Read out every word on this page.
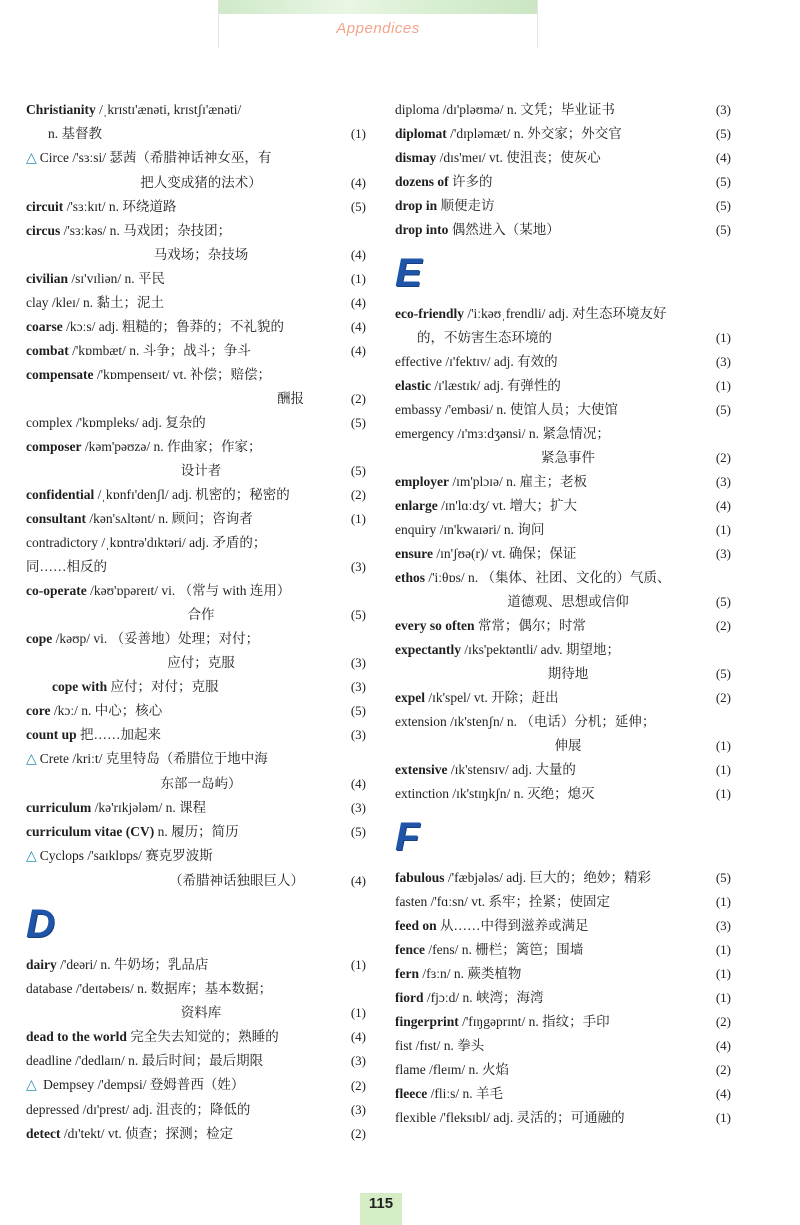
Appendices
Christianity /ˌkrɪstɪ'ænəti, krɪstʃɪ'ænəti/
n. 基督教	(1)
△ Circe /'sɜːsi/ 瑟茜（希腊神话神女巫，有
把人变成猪的法术）	(4)
circuit /'sɜːkɪt/ n. 环绕道路	(5)
circus /'sɜːkəs/ n. 马戏团；杂技团；
马戏场；杂技场	(4)
civilian /sɪ'vɪliən/ n. 平民	(1)
clay /kleɪ/ n. 黏土；泥土	(4)
coarse /kɔːs/ adj. 粗糙的；鲁莽的；不礼貌的	(4)
combat /'kɒmbæt/ n. 斗争；战斗；争斗	(4)
compensate /'kɒmpenseɪt/ vt. 补偿；赔偿；
酬报	(2)
complex /'kɒmpleks/ adj. 复杂的	(5)
composer /kəm'pəʊzə/ n. 作曲家；作家；
设计者	(5)
confidential /ˌkɒnfɪ'denʃl/ adj. 机密的；秘密的	(2)
consultant /kən'sʌltənt/ n. 顾问；咨询者	(1)
contradictory /ˌkɒntrə'dɪktəri/ adj. 矛盾的；
同……相反的	(3)
co-operate /kəʊ'ɒpəreɪt/ vi. （常与 with 连用）
合作	(5)
cope /kəʊp/ vi. （妥善地）处理；对付；
应付；克服	(3)
cope with 应付；对付；克服	(3)
core /kɔː/ n. 中心；核心	(5)
count up 把……加起来	(3)
△ Crete /kriːt/ 克里特岛（希腊位于地中海
东部一岛屿）	(4)
curriculum /kə'rɪkjələm/ n. 课程	(3)
curriculum vitae (CV) n. 履历；简历	(5)
△ Cyclops /'saɪklɒps/ 赛克罗波斯
（希腊神话独眼巨人）	(4)
D
dairy /'deəri/ n. 牛奶场；乳品店	(1)
database /'deɪtəbeɪs/ n. 数据库；基本数据；
资料库	(1)
dead to the world 完全失去知觉的；熟睡的	(4)
deadline /'dedlaɪn/ n. 最后时间；最后期限	(3)
△ Dempsey /'dempsi/ 登姆普西（姓）	(2)
depressed /dɪ'prest/ adj. 沮丧的；降低的	(3)
detect /dɪ'tekt/ vt. 侦查；探测；检定	(2)
diploma /dɪ'pləʊmə/ n. 文凭；毕业证书	(3)
diplomat /'dɪpləmæt/ n. 外交家；外交官	(5)
dismay /dɪs'meɪ/ vt. 使沮丧；使灰心	(4)
dozens of 许多的	(5)
drop in 顺便走访	(5)
drop into 偶然进入（某地）	(5)
E
eco-friendly /'iːkəʊˌfrendli/ adj. 对生态环境友好
的，不妨害生态环境的	(1)
effective /ɪ'fektɪv/ adj. 有效的	(3)
elastic /ɪ'læstɪk/ adj. 有弹性的	(1)
embassy /'embəsi/ n. 使馆人员；大使馆	(5)
emergency /ɪ'mɜːdʒənsi/ n. 紧急情况；
紧急事件	(2)
employer /ɪm'plɔɪə/ n. 雇主；老板	(3)
enlarge /ɪn'lɑːdʒ/ vt. 增大；扩大	(4)
enquiry /ɪn'kwaɪəri/ n. 询问	(1)
ensure /ɪn'ʃʊə(r)/ vt. 确保；保证	(3)
ethos /'iːθɒs/ n. （集体、社团、文化的）气质、
道德观、思想或信仰	(5)
every so often 常常；偶尔；时常	(2)
expectantly /ɪks'pektəntli/ adv. 期望地；
期待地	(5)
expel /ɪk'spel/ vt. 开除；赶出	(2)
extension /ɪk'stenʃn/ n. （电话）分机；延伸；
伸展	(1)
extensive /ɪk'stensɪv/ adj. 大量的	(1)
extinction /ɪk'stɪŋkʃn/ n. 灭绝；熄灭	(1)
F
fabulous /'fæbjələs/ adj. 巨大的；绝妙；精彩	(5)
fasten /'fɑːsn/ vt. 系牢；拴紧；使固定	(1)
feed on 从……中得到滋养或满足	(3)
fence /fens/ n. 栅栏；篱笆；围墙	(1)
fern /fɜːn/ n. 蕨类植物	(1)
fiord /fjɔːd/ n. 峡湾；海湾	(1)
fingerprint /'fɪŋgəprɪnt/ n. 指纹；手印	(2)
fist /fɪst/ n. 拳头	(4)
flame /fleɪm/ n. 火焰	(2)
fleece /fliːs/ n. 羊毛	(4)
flexible /'fleksɪbl/ adj. 灵活的；可通融的	(1)
115
